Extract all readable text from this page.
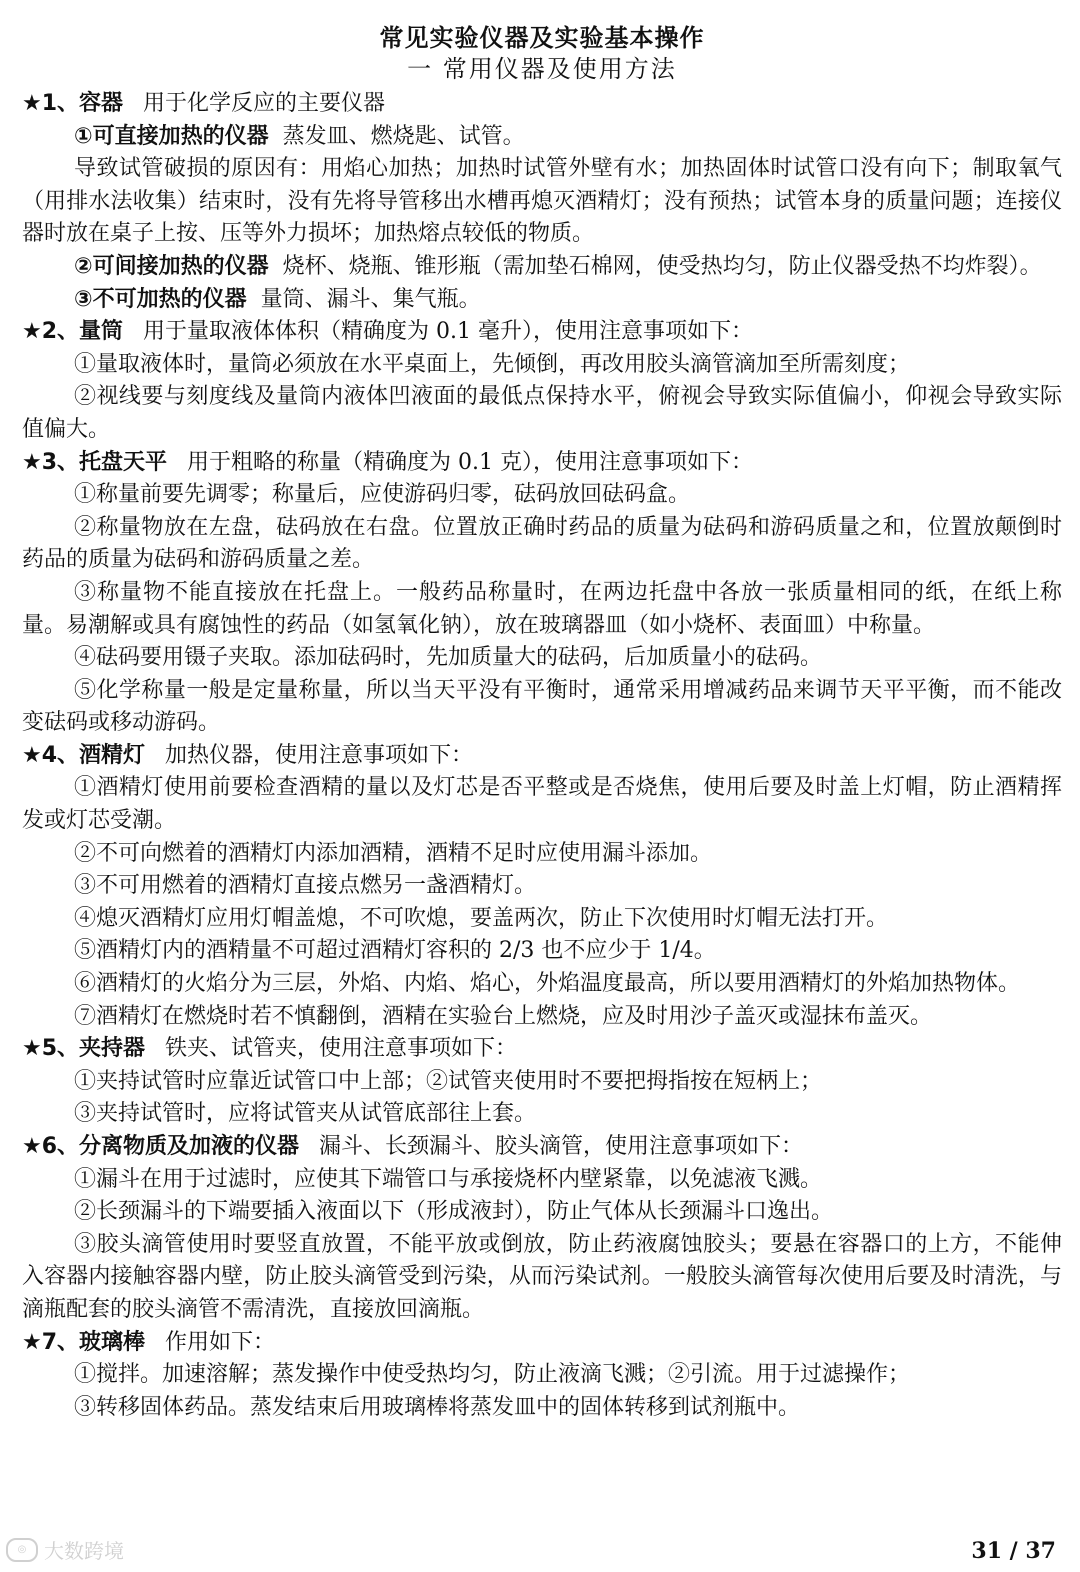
常见实验仪器及实验基本操作
一 常用仪器及使用方法
★1、容器 用于化学反应的主要仪器

①可直接加热的仪器 蒸发皿、燃烧匙、试管。

导致试管破损的原因有：用焰心加热；加热时试管外壁有水；加热固体时试管口没有向下；制取氧气（用排水法收集）结束时，没有先将导管移出水槽再熄灭酒精灯；没有预热；试管本身的质量问题；连接仪器时放在桌子上按、压等外力损坏；加热熔点较低的物质。

②可间接加热的仪器 烧杯、烧瓶、锥形瓶（需加垫石棉网，使受热均匀，防止仪器受热不均炸裂）。

③不可加热的仪器 量筒、漏斗、集气瓶。

★2、量筒 用于量取液体体积（精确度为 0.1 毫升），使用注意事项如下：

①量取液体时，量筒必须放在水平桌面上，先倾倒，再改用胶头滴管滴加至所需刻度；

②视线要与刻度线及量筒内液体凹液面的最低点保持水平，俯视会导致实际值偏小，仰视会导致实际值偏大。

★3、托盘天平 用于粗略的称量（精确度为 0.1 克），使用注意事项如下：

①称量前要先调零；称量后，应使游码归零，砝码放回砝码盒。

②称量物放在左盘，砝码放在右盘。位置放正确时药品的质量为砝码和游码质量之和，位置放颠倒时药品的质量为砝码和游码质量之差。

③称量物不能直接放在托盘上。一般药品称量时，在两边托盘中各放一张质量相同的纸，在纸上称量。易潮解或具有腐蚀性的药品（如氢氧化钠），放在玻璃器皿（如小烧杯、表面皿）中称量。

④砝码要用镊子夹取。添加砝码时，先加质量大的砝码，后加质量小的砝码。

⑤化学称量一般是定量称量，所以当天平没有平衡时，通常采用增减药品来调节天平平衡，而不能改变砝码或移动游码。

★4、酒精灯 加热仪器，使用注意事项如下：

①酒精灯使用前要检查酒精的量以及灯芯是否平整或是否烧焦，使用后要及时盖上灯帽，防止酒精挥发或灯芯受潮。

②不可向燃着的酒精灯内添加酒精，酒精不足时应使用漏斗添加。

③不可用燃着的酒精灯直接点燃另一盏酒精灯。

④熄灭酒精灯应用灯帽盖熄，不可吹熄，要盖两次，防止下次使用时灯帽无法打开。

⑤酒精灯内的酒精量不可超过酒精灯容积的 2/3 也不应少于 1/4。

⑥酒精灯的火焰分为三层，外焰、内焰、焰心，外焰温度最高，所以要用酒精灯的外焰加热物体。

⑦酒精灯在燃烧时若不慎翻倒，酒精在实验台上燃烧，应及时用沙子盖灭或湿抹布盖灭。

★5、夹持器 铁夹、试管夹，使用注意事项如下：

①夹持试管时应靠近试管口中上部；②试管夹使用时不要把拇指按在短柄上；

③夹持试管时，应将试管夹从试管底部往上套。

★6、分离物质及加液的仪器 漏斗、长颈漏斗、胶头滴管，使用注意事项如下：

①漏斗在用于过滤时，应使其下端管口与承接烧杯内壁紧靠，以免滤液飞溅。

②长颈漏斗的下端要插入液面以下（形成液封），防止气体从长颈漏斗口逸出。

③胶头滴管使用时要竖直放置，不能平放或倒放，防止药液腐蚀胶头；要悬在容器口的上方，不能伸入容器内接触容器内壁，防止胶头滴管受到污染，从而污染试剂。一般胶头滴管每次使用后要及时清洗，与滴瓶配套的胶头滴管不需清洗，直接放回滴瓶。

★7、玻璃棒 作用如下：

①搅拌。加速溶解；蒸发操作中使受热均匀，防止液滴飞溅；②引流。用于过滤操作；

③转移固体药品。蒸发结束后用玻璃棒将蒸发皿中的固体转移到试剂瓶中。

◎ 大数跨境	31 / 37
